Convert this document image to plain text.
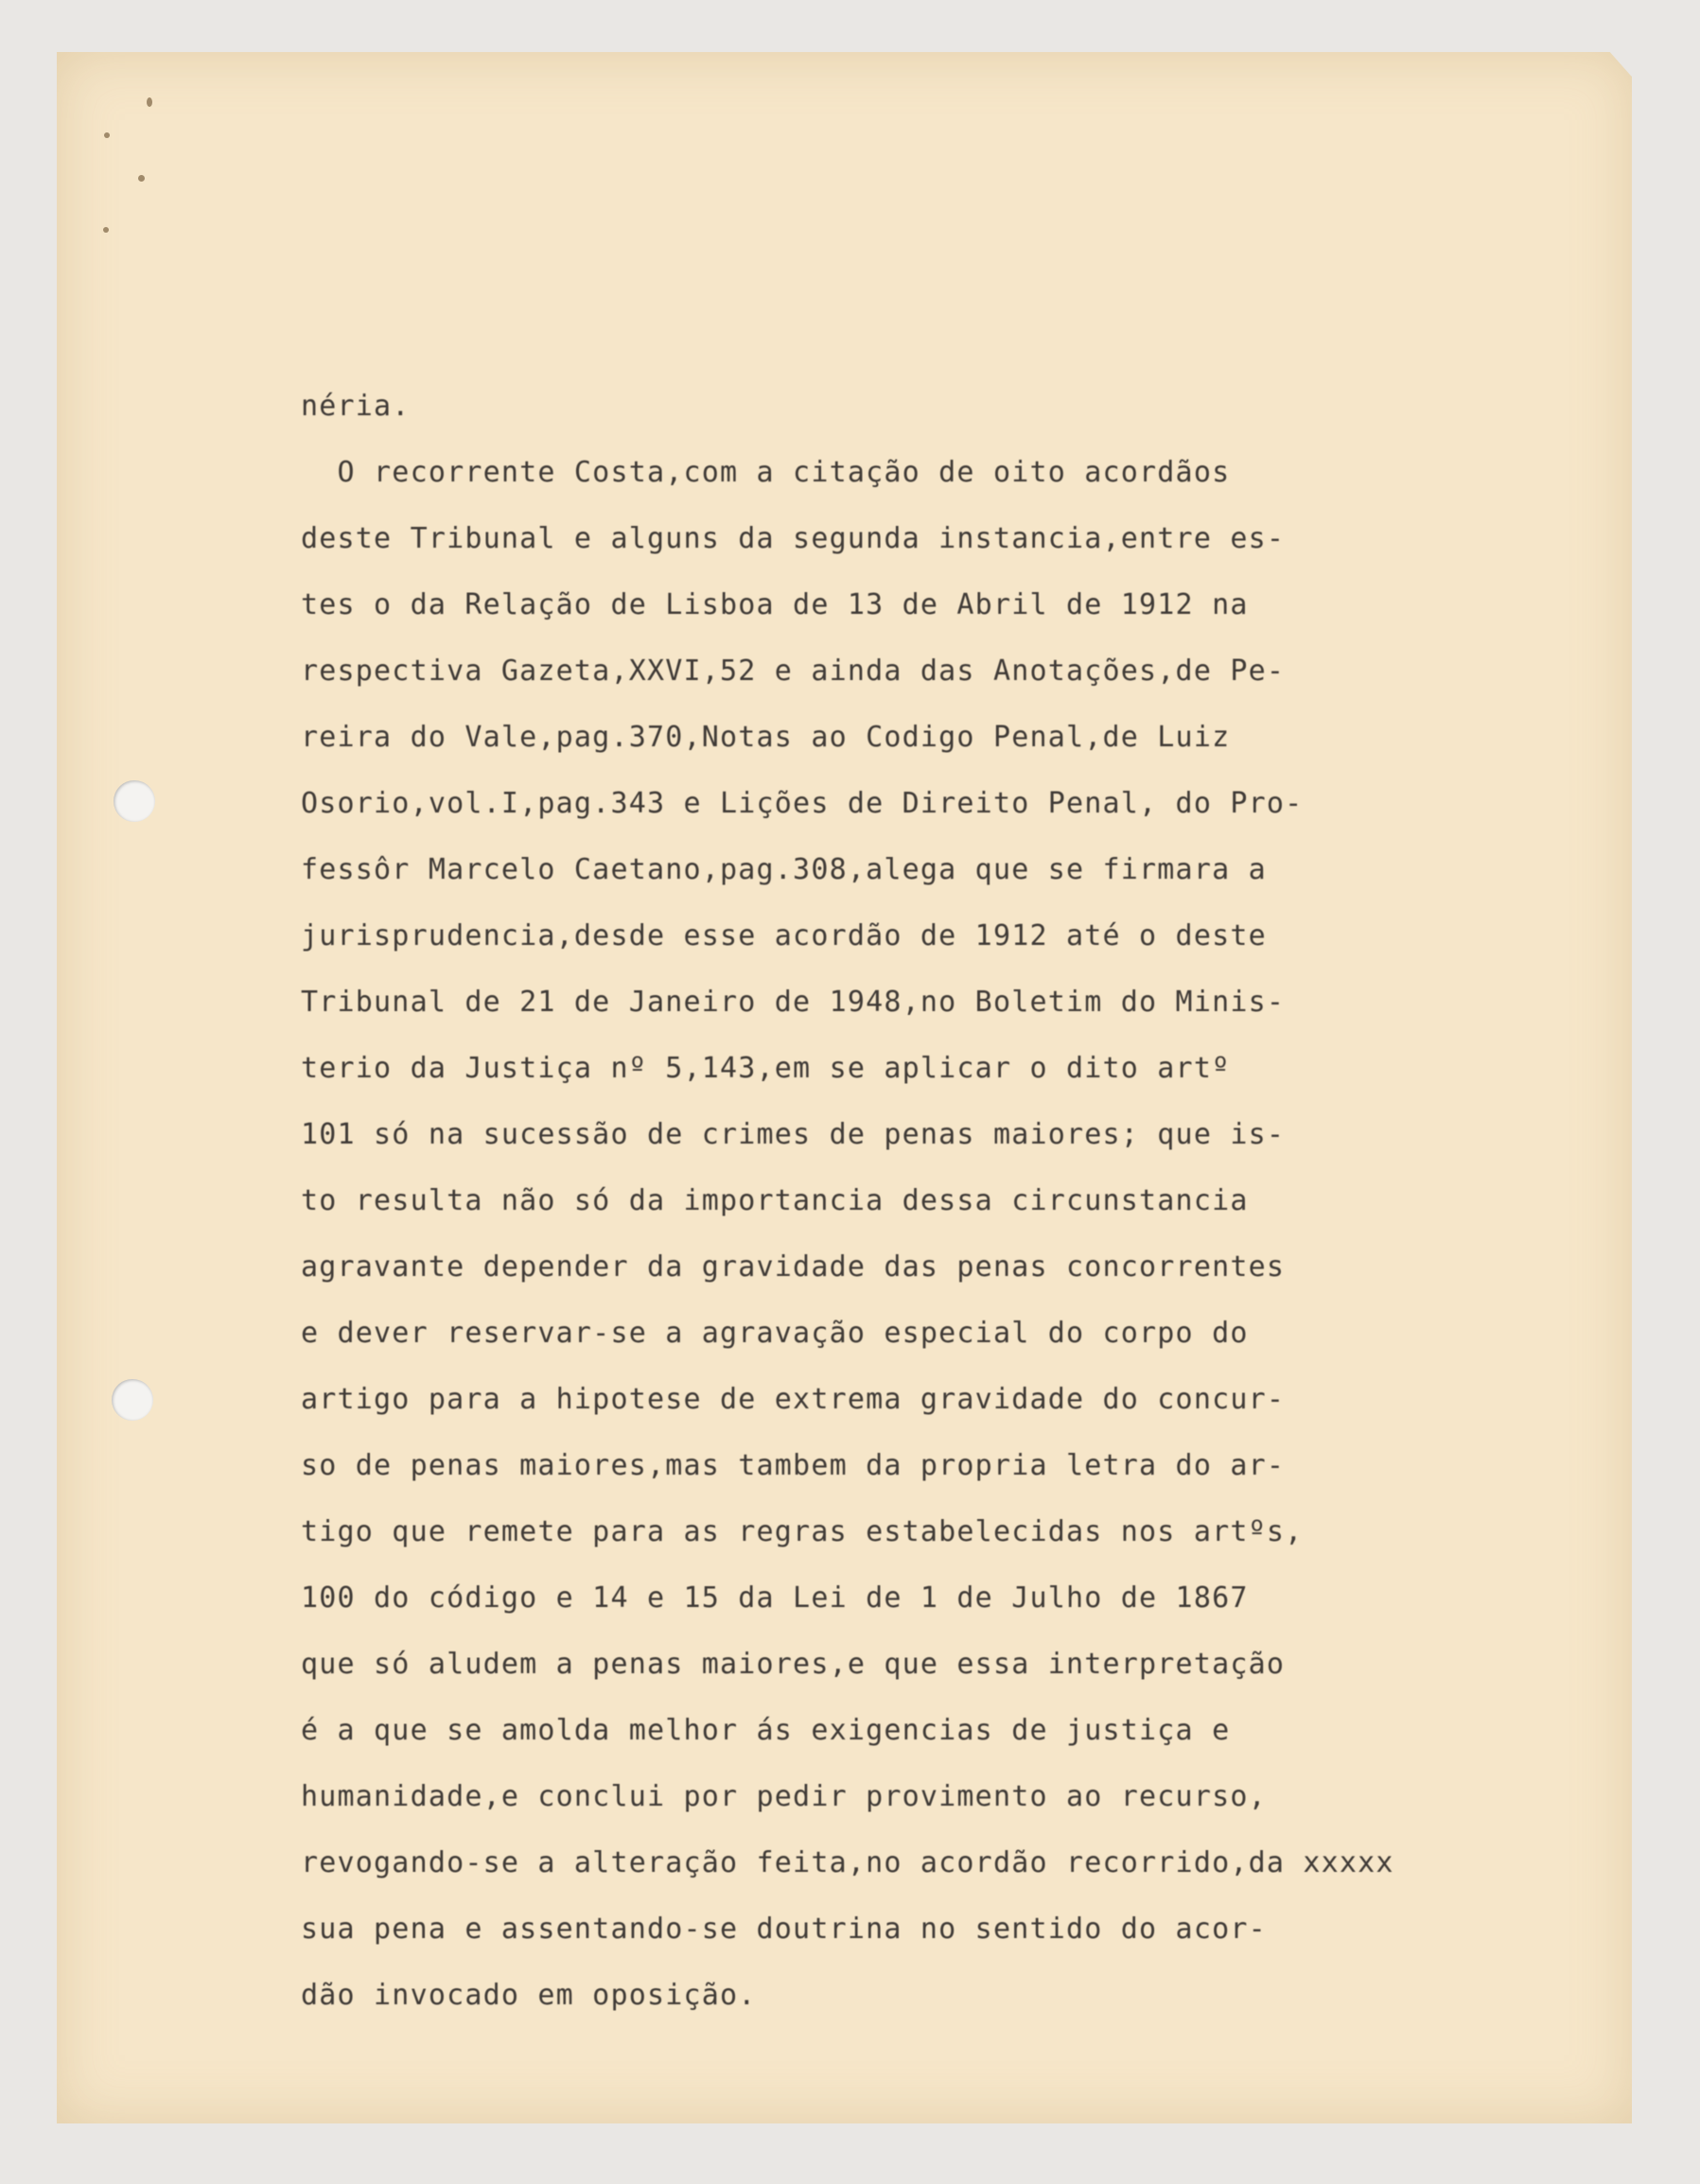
néria.
O recorrente Costa,com a citação de oito acordãos
deste Tribunal e alguns da segunda instancia,entre es-
tes o da Relação de Lisboa de 13 de Abril de 1912 na
respectiva Gazeta,XXVI,52 e ainda das Anotações,de Pe-
reira do Vale,pag.370,Notas ao Codigo Penal,de Luiz
Osorio,vol.I,pag.343 e Lições de Direito Penal, do Pro-
fessôr Marcelo Caetano,pag.308,alega que se firmara a
jurisprudencia,desde esse acordão de 1912 até o deste
Tribunal de 21 de Janeiro de 1948,no Boletim do Minis-
terio da Justiça nº 5,143,em se aplicar o dito artº
101 só na sucessão de crimes de penas maiores; que is-
to resulta não só da importancia dessa circunstancia
agravante depender da gravidade das penas concorrentes
e dever reservar-se a agravação especial do corpo do
artigo para a hipotese de extrema gravidade do concur-
so de penas maiores,mas tambem da propria letra do ar-
tigo que remete para as regras estabelecidas nos artºs,
100 do código e 14 e 15 da Lei de 1 de Julho de 1867
que só aludem a penas maiores,e que essa interpretação
é a que se amolda melhor ás exigencias de justiça e
humanidade,e conclui por pedir provimento ao recurso,
revogando-se a alteração feita,no acordão recorrido,da xxxxx
sua pena e assentando-se doutrina no sentido do acor-
dão invocado em oposição.
